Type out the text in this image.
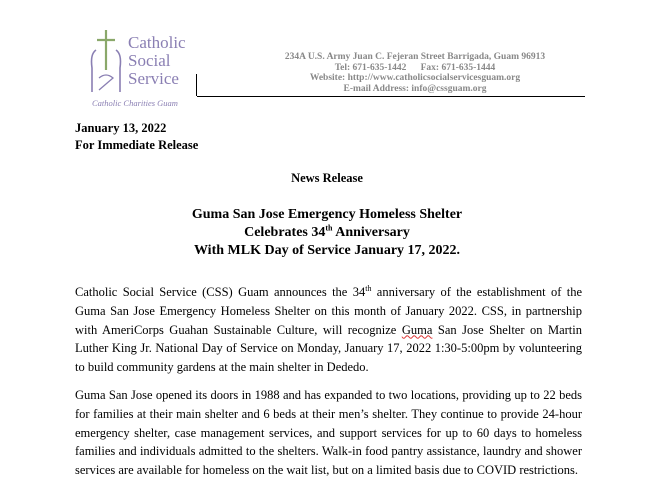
Catholic
Social
Service
Catholic Charities Guam
234A U.S. Army Juan C. Fejeran Street Barrigada, Guam 96913
Tel: 671-635-1442      Fax: 671-635-1444
Website: http://www.catholicsocialservicesguam.org
E-mail Address: info@cssguam.org
January 13, 2022
For Immediate Release
News Release
Guma San Jose Emergency Homeless Shelter
Celebrates 34th Anniversary
With MLK Day of Service January 17, 2022.
Catholic Social Service (CSS) Guam announces the 34th anniversary of the establishment of the Guma San Jose Emergency Homeless Shelter on this month of January 2022. CSS, in partnership with AmeriCorps Guahan Sustainable Culture, will recognize Guma San Jose Shelter on Martin Luther King Jr. National Day of Service on Monday, January 17, 2022 1:30-5:00pm by volunteering to build community gardens at the main shelter in Dededo.
Guma San Jose opened its doors in 1988 and has expanded to two locations, providing up to 22 beds for families at their main shelter and 6 beds at their men’s shelter. They continue to provide 24-hour emergency shelter, case management services, and support services for up to 60 days to homeless families and individuals admitted to the shelters. Walk-in food pantry assistance, laundry and shower services are available for homeless on the wait list, but on a limited basis due to COVID restrictions.
